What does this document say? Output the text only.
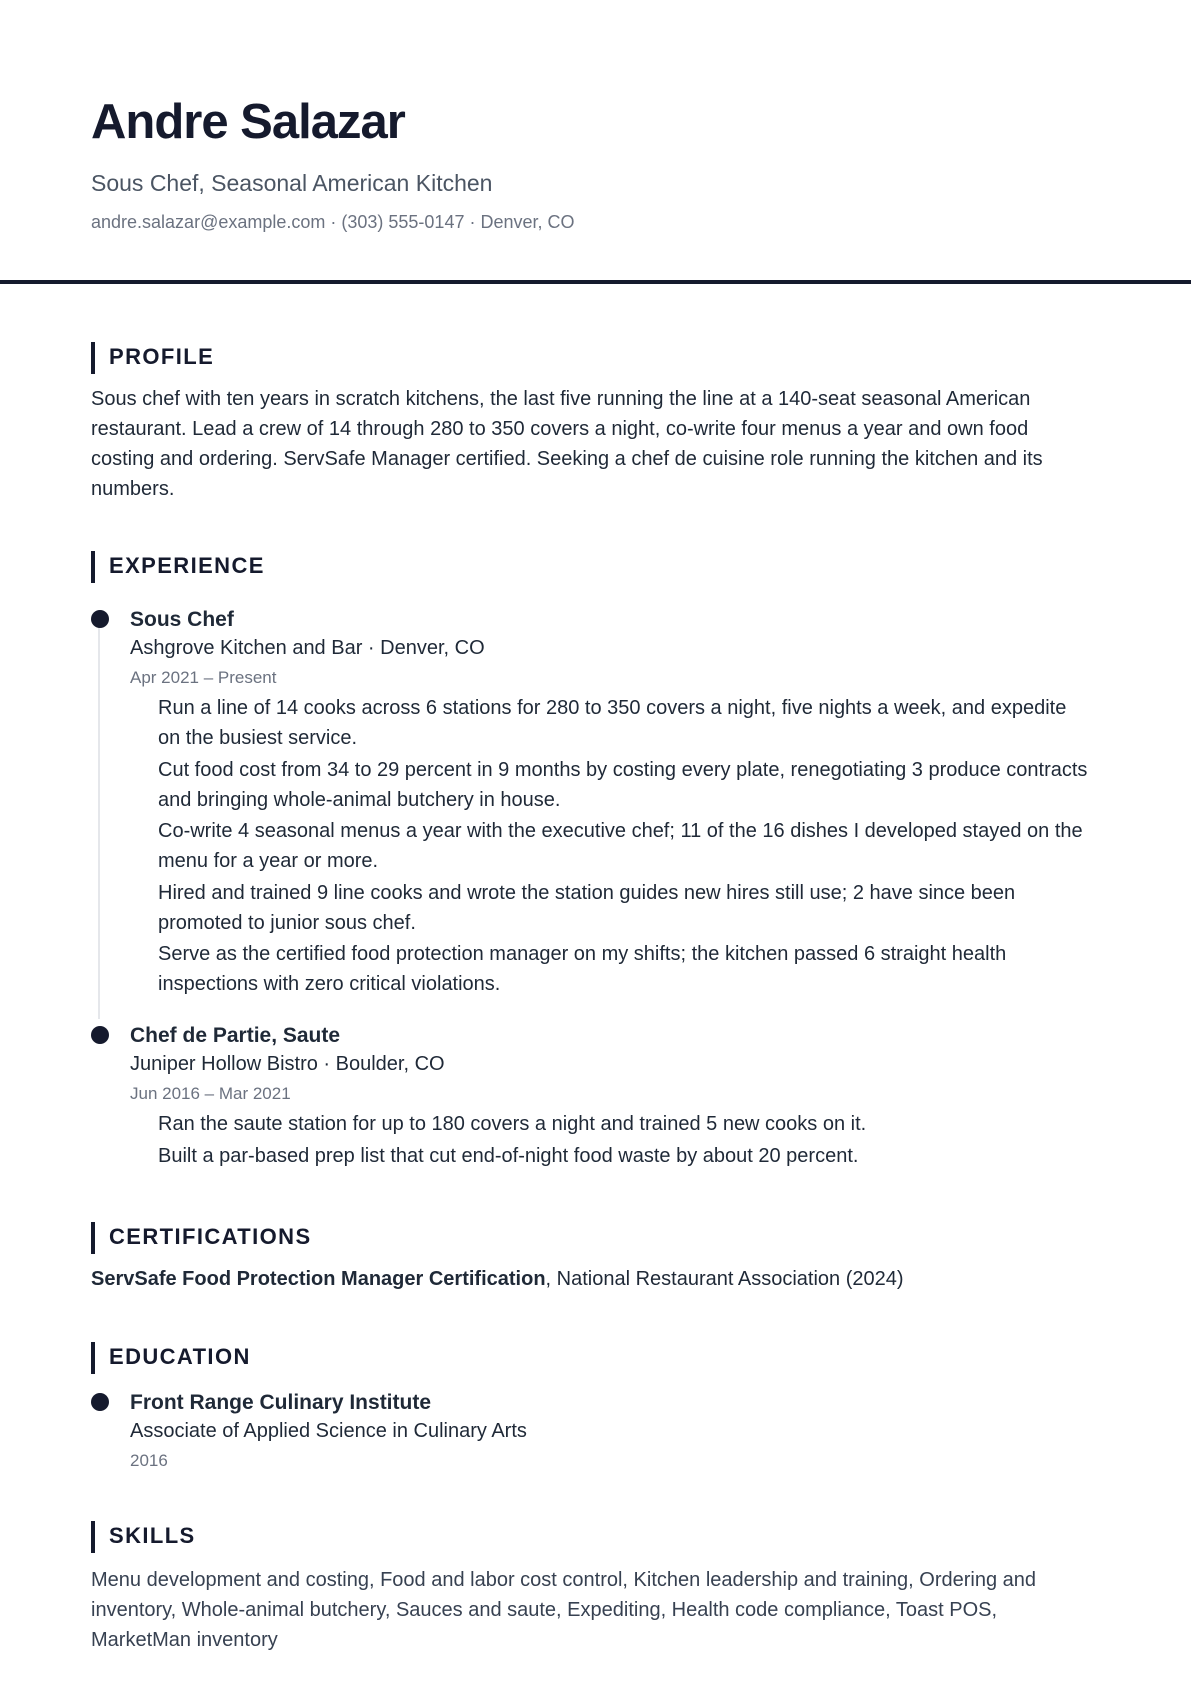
Andre Salazar
Sous Chef, Seasonal American Kitchen
andre.salazar@example.com · (303) 555-0147 · Denver, CO
PROFILE
Sous chef with ten years in scratch kitchens, the last five running the line at a 140-seat seasonal American restaurant. Lead a crew of 14 through 280 to 350 covers a night, co-write four menus a year and own food costing and ordering. ServSafe Manager certified. Seeking a chef de cuisine role running the kitchen and its numbers.
EXPERIENCE
Sous Chef
Ashgrove Kitchen and Bar · Denver, CO
Apr 2021 – Present
Run a line of 14 cooks across 6 stations for 280 to 350 covers a night, five nights a week, and expedite on the busiest service.
Cut food cost from 34 to 29 percent in 9 months by costing every plate, renegotiating 3 produce contracts and bringing whole-animal butchery in house.
Co-write 4 seasonal menus a year with the executive chef; 11 of the 16 dishes I developed stayed on the menu for a year or more.
Hired and trained 9 line cooks and wrote the station guides new hires still use; 2 have since been promoted to junior sous chef.
Serve as the certified food protection manager on my shifts; the kitchen passed 6 straight health inspections with zero critical violations.
Chef de Partie, Saute
Juniper Hollow Bistro · Boulder, CO
Jun 2016 – Mar 2021
Ran the saute station for up to 180 covers a night and trained 5 new cooks on it.
Built a par-based prep list that cut end-of-night food waste by about 20 percent.
CERTIFICATIONS
ServSafe Food Protection Manager Certification, National Restaurant Association (2024)
EDUCATION
Front Range Culinary Institute
Associate of Applied Science in Culinary Arts
2016
SKILLS
Menu development and costing, Food and labor cost control, Kitchen leadership and training, Ordering and inventory, Whole-animal butchery, Sauces and saute, Expediting, Health code compliance, Toast POS, MarketMan inventory
